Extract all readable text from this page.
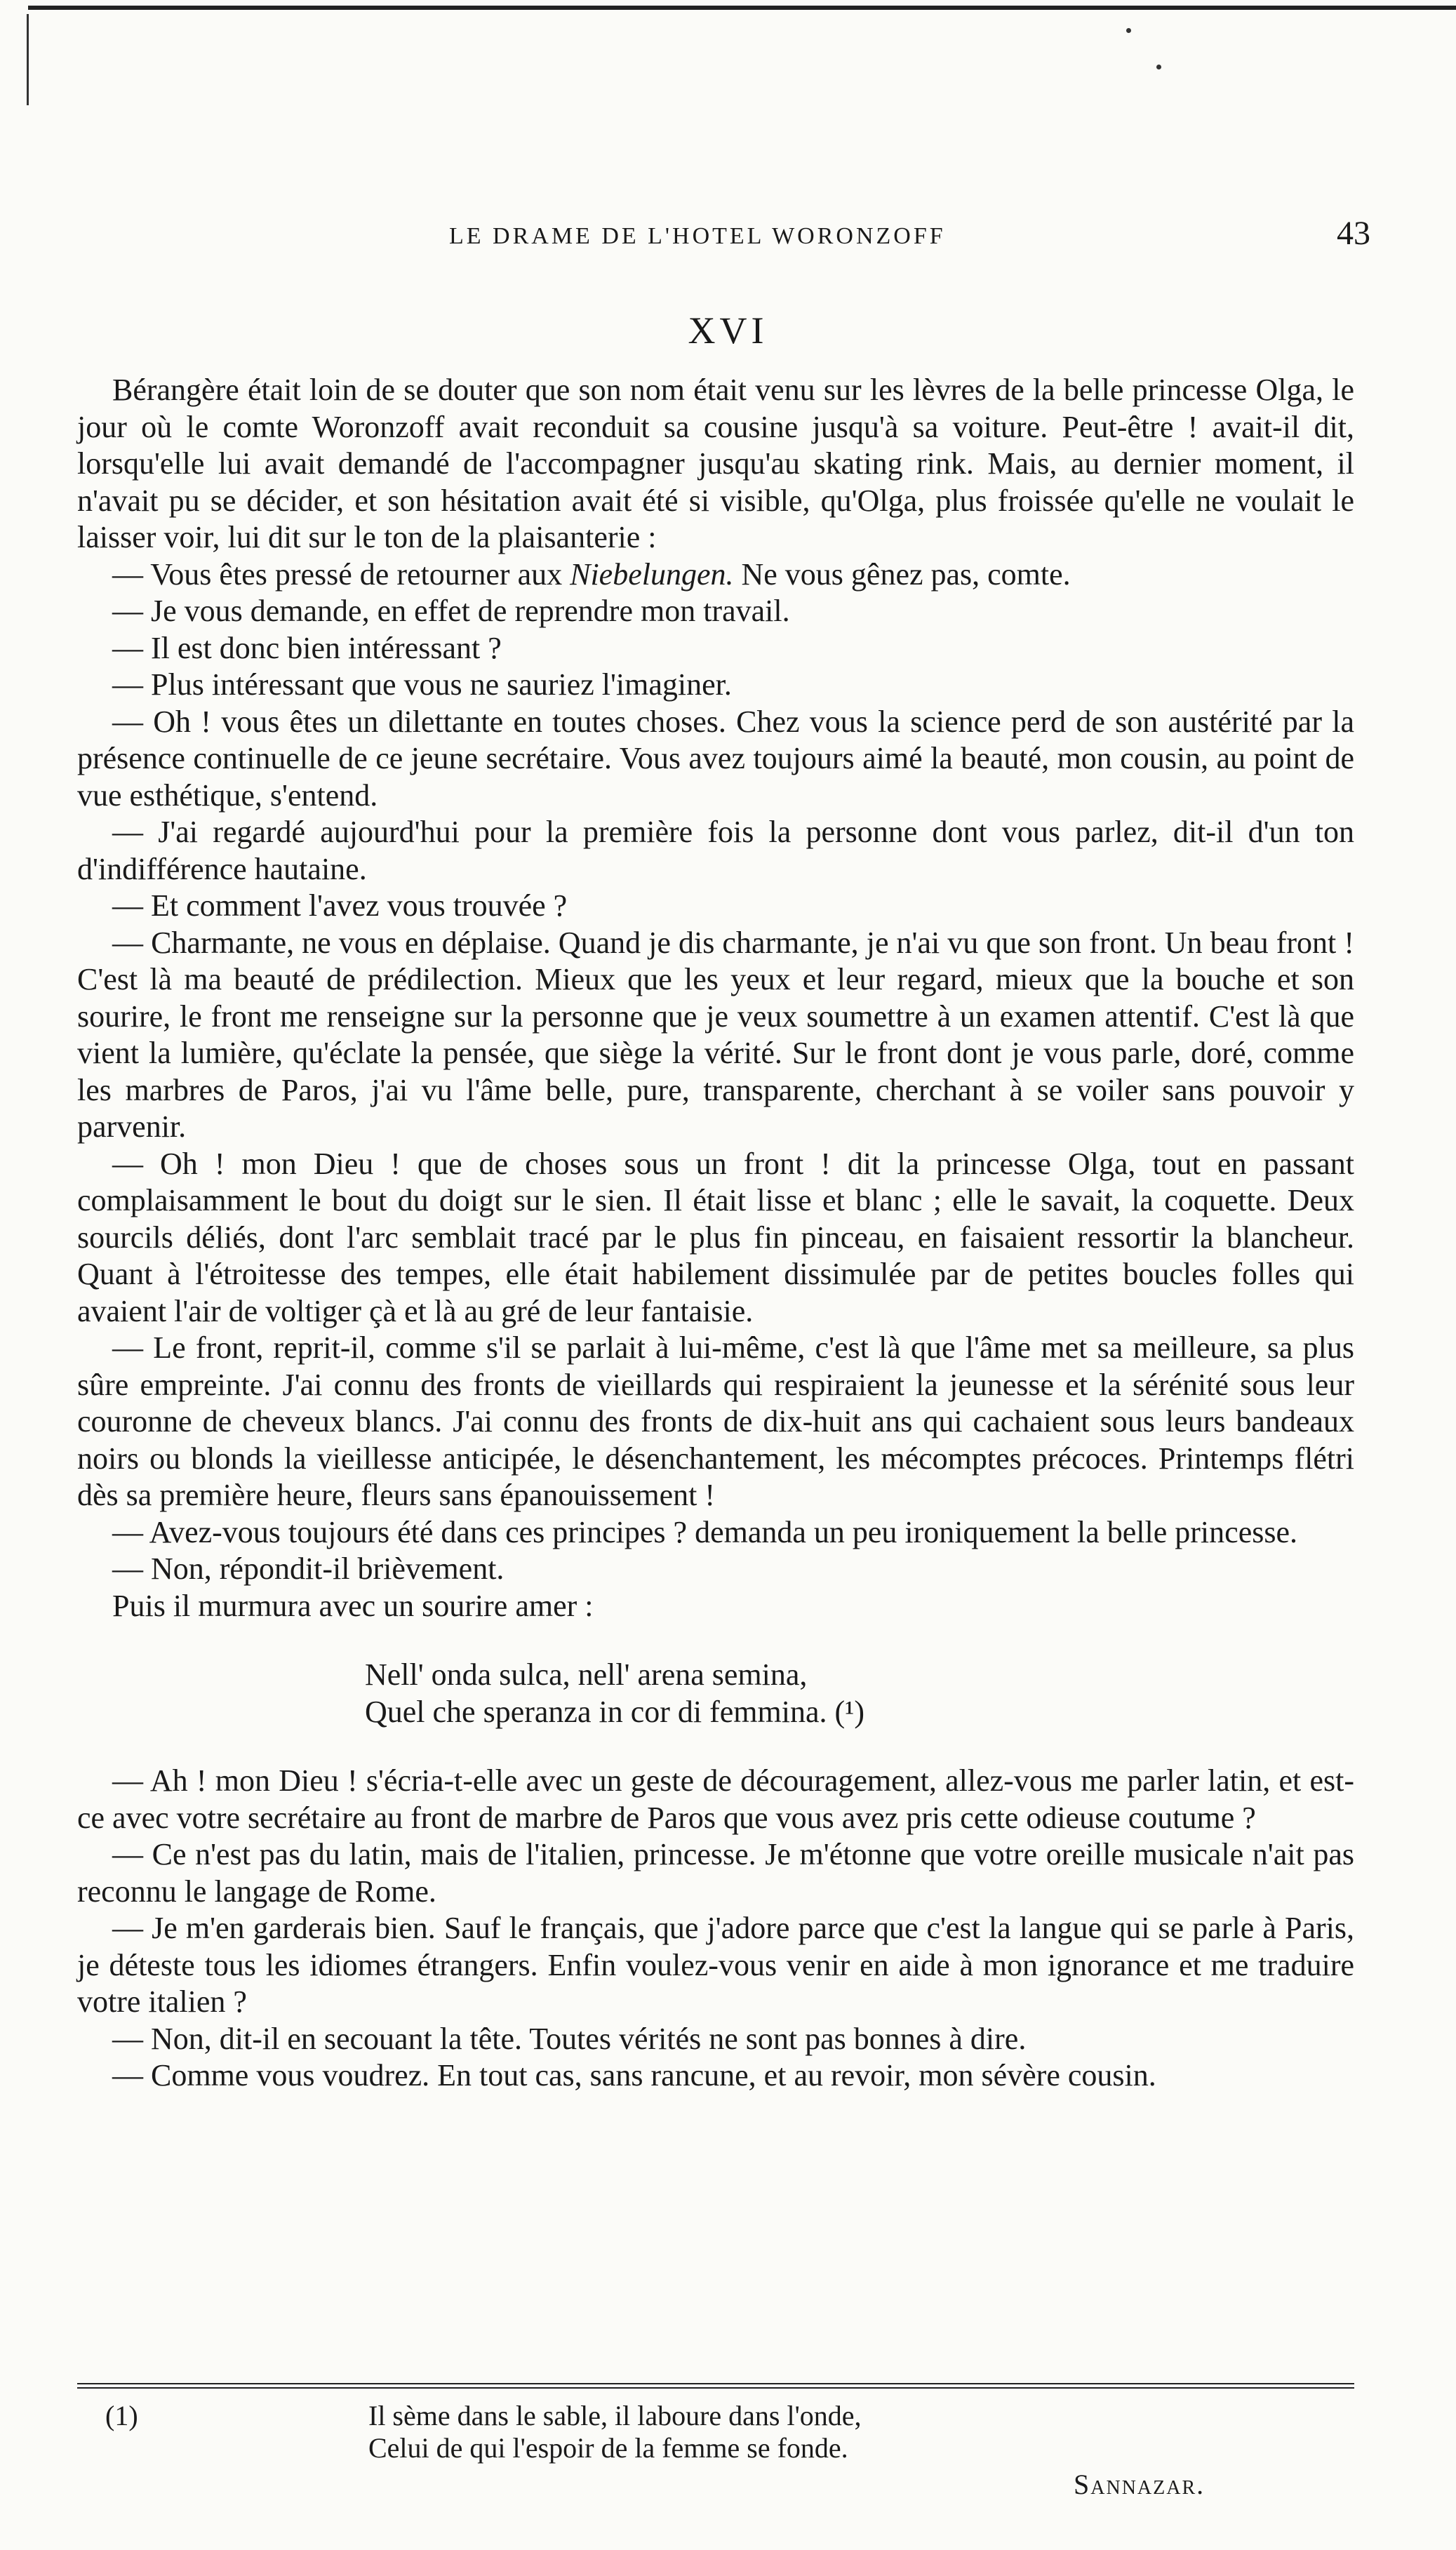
LE DRAME DE L'HOTEL WORONZOFF	43
XVI

Bérangère était loin de se douter que son nom était venu sur les lèvres de la belle princesse Olga, le jour où le comte Woronzoff avait reconduit sa cousine jusqu'à sa voiture. Peut-être ! avait-il dit, lorsqu'elle lui avait demandé de l'accompagner jusqu'au skating rink. Mais, au dernier moment, il n'avait pu se décider, et son hésitation avait été si visible, qu'Olga, plus froissée qu'elle ne voulait le laisser voir, lui dit sur le ton de la plaisanterie :

— Vous êtes pressé de retourner aux Niebelungen. Ne vous gênez pas, comte.

— Je vous demande, en effet de reprendre mon travail.

— Il est donc bien intéressant ?

— Plus intéressant que vous ne sauriez l'imaginer.

— Oh ! vous êtes un dilettante en toutes choses. Chez vous la science perd de son austérité par la présence continuelle de ce jeune secrétaire. Vous avez toujours aimé la beauté, mon cousin, au point de vue esthétique, s'entend.

— J'ai regardé aujourd'hui pour la première fois la personne dont vous parlez, dit-il d'un ton d'indifférence hautaine.

— Et comment l'avez vous trouvée ?

— Charmante, ne vous en déplaise. Quand je dis charmante, je n'ai vu que son front. Un beau front ! C'est là ma beauté de prédilection. Mieux que les yeux et leur regard, mieux que la bouche et son sourire, le front me renseigne sur la personne que je veux soumettre à un examen attentif. C'est là que vient la lumière, qu'éclate la pensée, que siège la vérité. Sur le front dont je vous parle, doré, comme les marbres de Paros, j'ai vu l'âme belle, pure, transparente, cherchant à se voiler sans pouvoir y parvenir.

— Oh ! mon Dieu ! que de choses sous un front ! dit la princesse Olga, tout en passant complaisamment le bout du doigt sur le sien. Il était lisse et blanc ; elle le savait, la coquette. Deux sourcils déliés, dont l'arc semblait tracé par le plus fin pinceau, en faisaient ressortir la blancheur. Quant à l'étroitesse des tempes, elle était habilement dissimulée par de petites boucles folles qui avaient l'air de voltiger çà et là au gré de leur fantaisie.

— Le front, reprit-il, comme s'il se parlait à lui-même, c'est là que l'âme met sa meilleure, sa plus sûre empreinte. J'ai connu des fronts de vieillards qui respiraient la jeunesse et la sérénité sous leur couronne de cheveux blancs. J'ai connu des fronts de dix-huit ans qui cachaient sous leurs bandeaux noirs ou blonds la vieillesse anticipée, le désenchantement, les mécomptes précoces. Printemps flétri dès sa première heure, fleurs sans épanouissement !

— Avez-vous toujours été dans ces principes ? demanda un peu ironiquement la belle princesse.

— Non, répondit-il brièvement.

Puis il murmura avec un sourire amer :

Nell' onda sulca, nell' arena semina,
Quel che speranza in cor di femmina. (¹)

— Ah ! mon Dieu ! s'écria-t-elle avec un geste de découragement, allez-vous me parler latin, et est-ce avec votre secrétaire au front de marbre de Paros que vous avez pris cette odieuse coutume ?

— Ce n'est pas du latin, mais de l'italien, princesse. Je m'étonne que votre oreille musicale n'ait pas reconnu le langage de Rome.

— Je m'en garderais bien. Sauf le français, que j'adore parce que c'est la langue qui se parle à Paris, je déteste tous les idiomes étrangers. Enfin voulez-vous venir en aide à mon ignorance et me traduire votre italien ?

— Non, dit-il en secouant la tête. Toutes vérités ne sont pas bonnes à dire.

— Comme vous voudrez. En tout cas, sans rancune, et au revoir, mon sévère cousin.

(1)	Il sème dans le sable, il laboure dans l'onde,
Celui de qui l'espoir de la femme se fonde.
Sannazar.
